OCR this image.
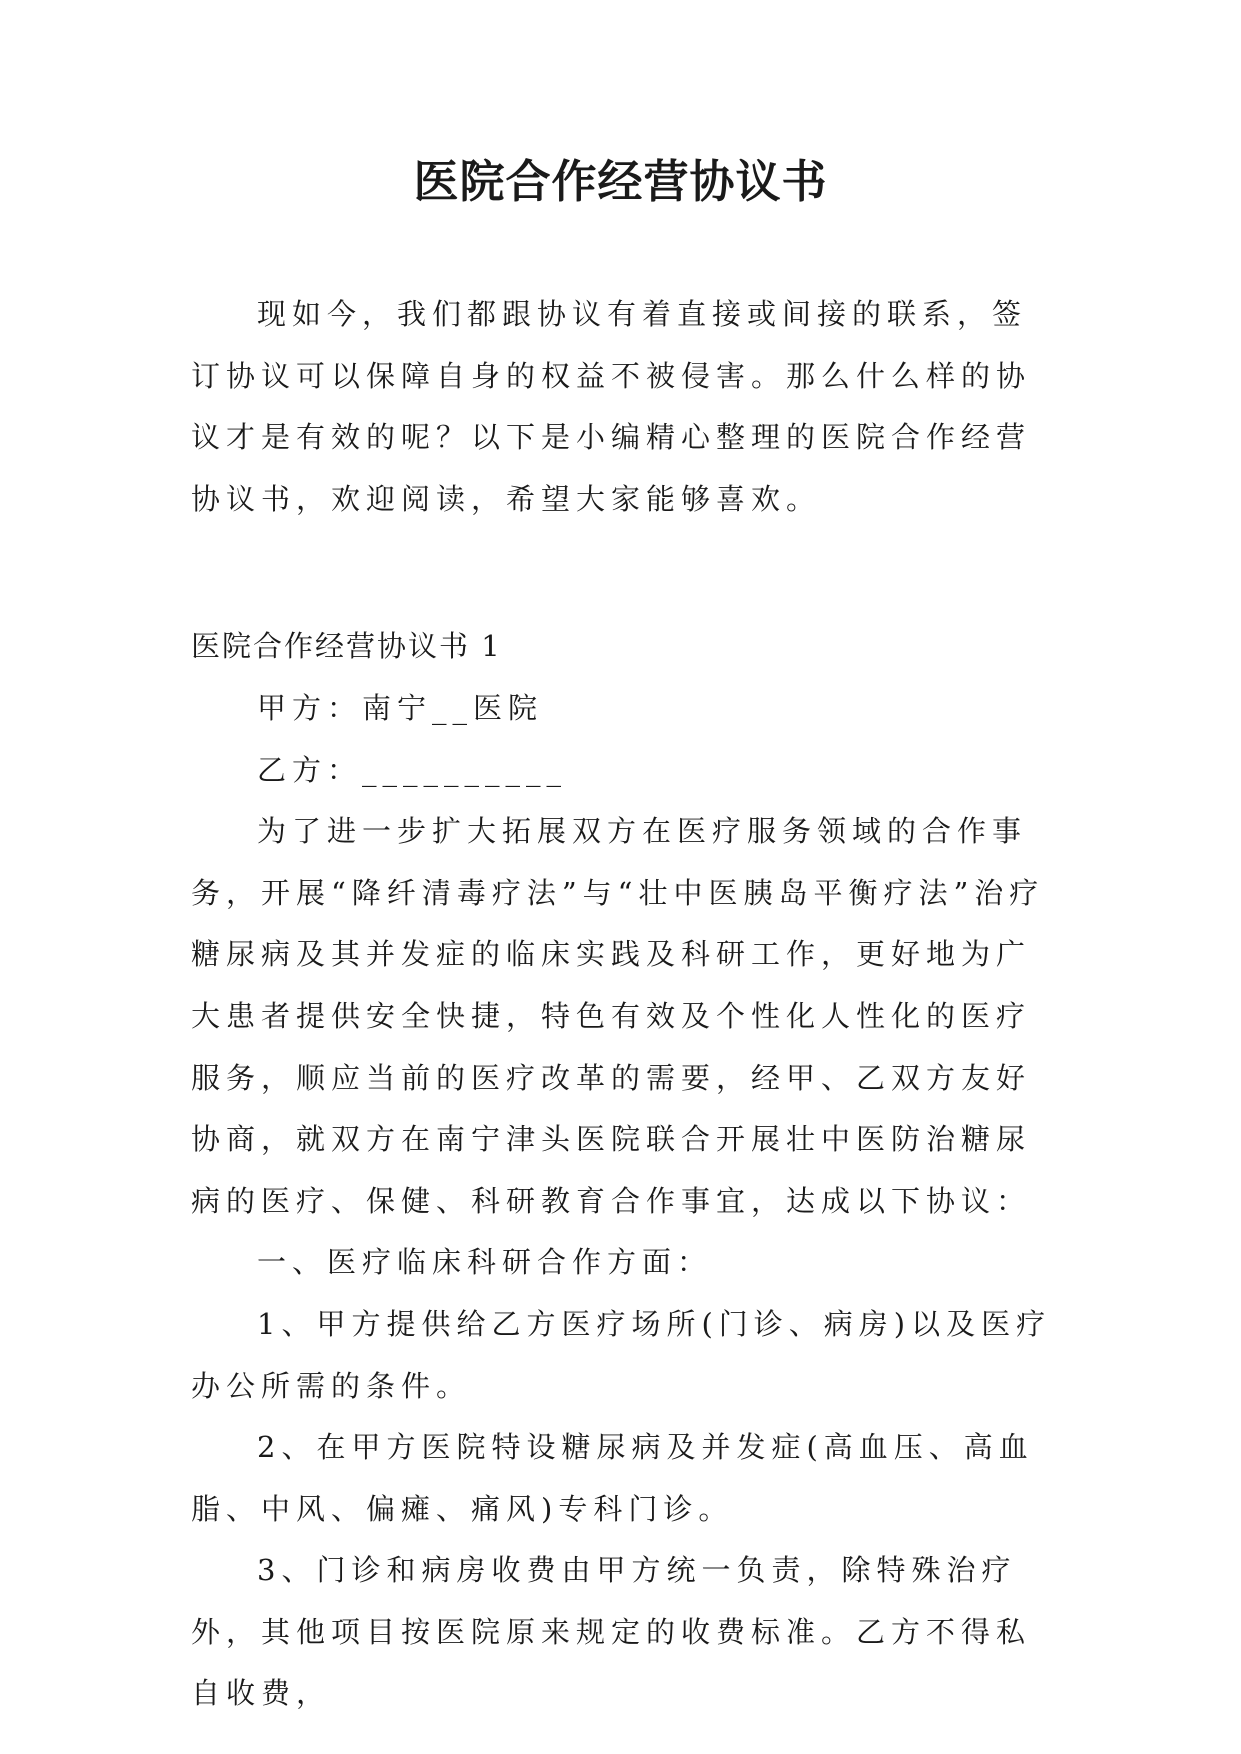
医院合作经营协议书

现如今，我们都跟协议有着直接或间接的联系，签订协议可以保障自身的权益不被侵害。那么什么样的协议才是有效的呢？以下是小编精心整理的医院合作经营协议书，欢迎阅读，希望大家能够喜欢。

医院合作经营协议书 1

甲方：南宁__医院

乙方：__________

为了进一步扩大拓展双方在医疗服务领域的合作事务，开展“降纤清毒疗法”与“壮中医胰岛平衡疗法”治疗糖尿病及其并发症的临床实践及科研工作，更好地为广大患者提供安全快捷，特色有效及个性化人性化的医疗服务，顺应当前的医疗改革的需要，经甲、乙双方友好协商，就双方在南宁津头医院联合开展壮中医防治糖尿病的医疗、保健、科研教育合作事宜，达成以下协议：

一、医疗临床科研合作方面：

1、甲方提供给乙方医疗场所(门诊、病房)以及医疗办公所需的条件。

2、在甲方医院特设糖尿病及并发症(高血压、高血脂、中风、偏瘫、痛风)专科门诊。

3、门诊和病房收费由甲方统一负责，除特殊治疗外，其他项目按医院原来规定的收费标准。乙方不得私自收费，
